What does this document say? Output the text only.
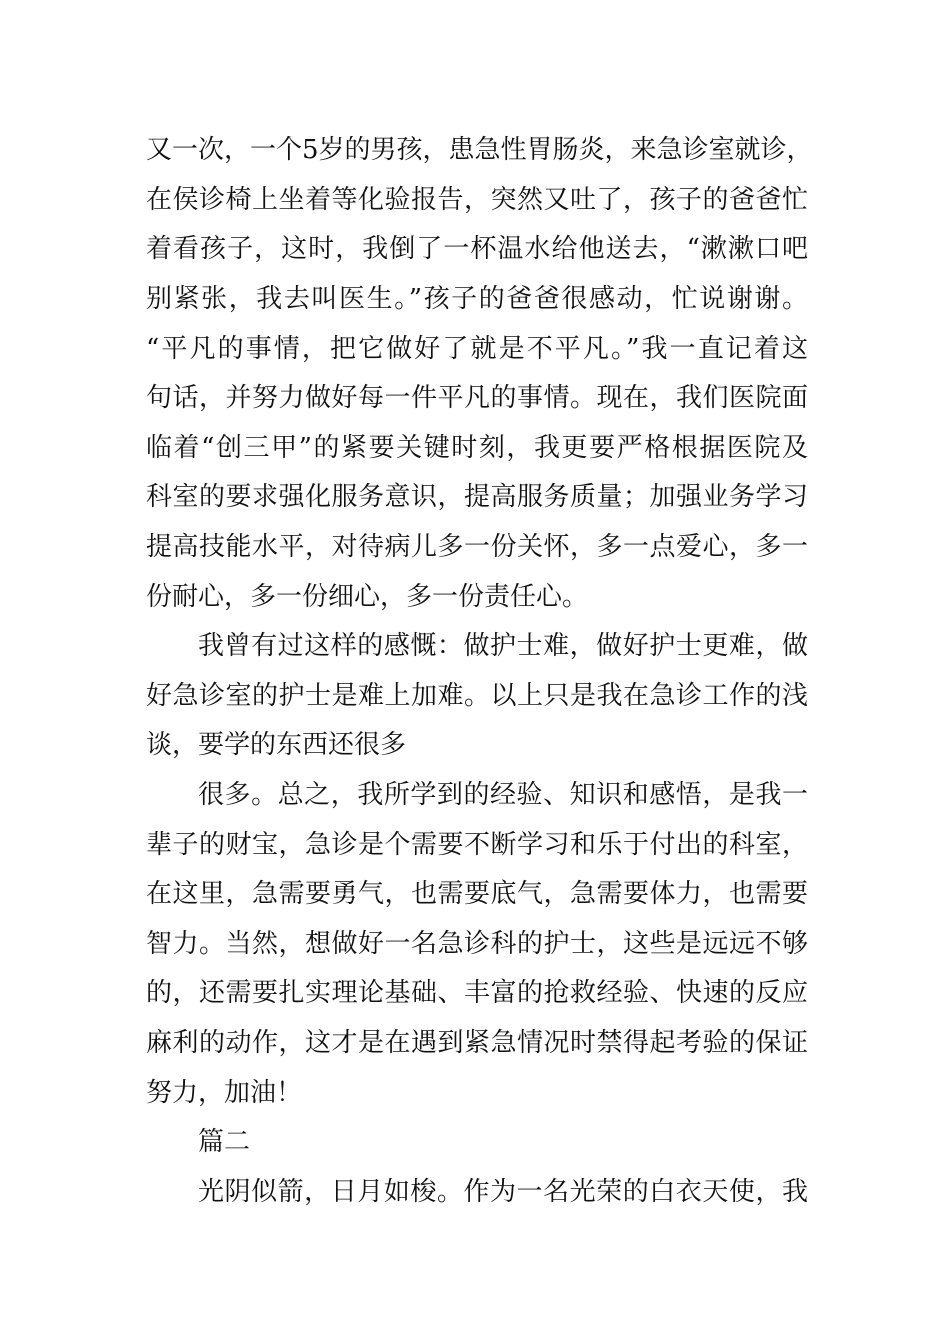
又一次，一个5岁的男孩，患急性胃肠炎，来急诊室就诊，
在侯诊椅上坐着等化验报告，突然又吐了，孩子的爸爸忙
着看孩子，这时，我倒了一杯温水给他送去，“漱漱口吧
别紧张，我去叫医生。”孩子的爸爸很感动，忙说谢谢。
“平凡的事情，把它做好了就是不平凡。”我一直记着这
句话，并努力做好每一件平凡的事情。现在，我们医院面
临着“创三甲”的紧要关键时刻，我更要严格根据医院及
科室的要求强化服务意识，提高服务质量；加强业务学习
提高技能水平，对待病儿多一份关怀，多一点爱心，多一
份耐心，多一份细心，多一份责任心。
我曾有过这样的感慨：做护士难，做好护士更难，做
好急诊室的护士是难上加难。以上只是我在急诊工作的浅
谈，要学的东西还很多
很多。总之，我所学到的经验、知识和感悟，是我一
辈子的财宝，急诊是个需要不断学习和乐于付出的科室，
在这里，急需要勇气，也需要底气，急需要体力，也需要
智力。当然，想做好一名急诊科的护士，这些是远远不够
的，还需要扎实理论基础、丰富的抢救经验、快速的反应
麻利的动作，这才是在遇到紧急情况时禁得起考验的保证
努力，加油！
篇二
光阴似箭，日月如梭。作为一名光荣的白衣天使，我
